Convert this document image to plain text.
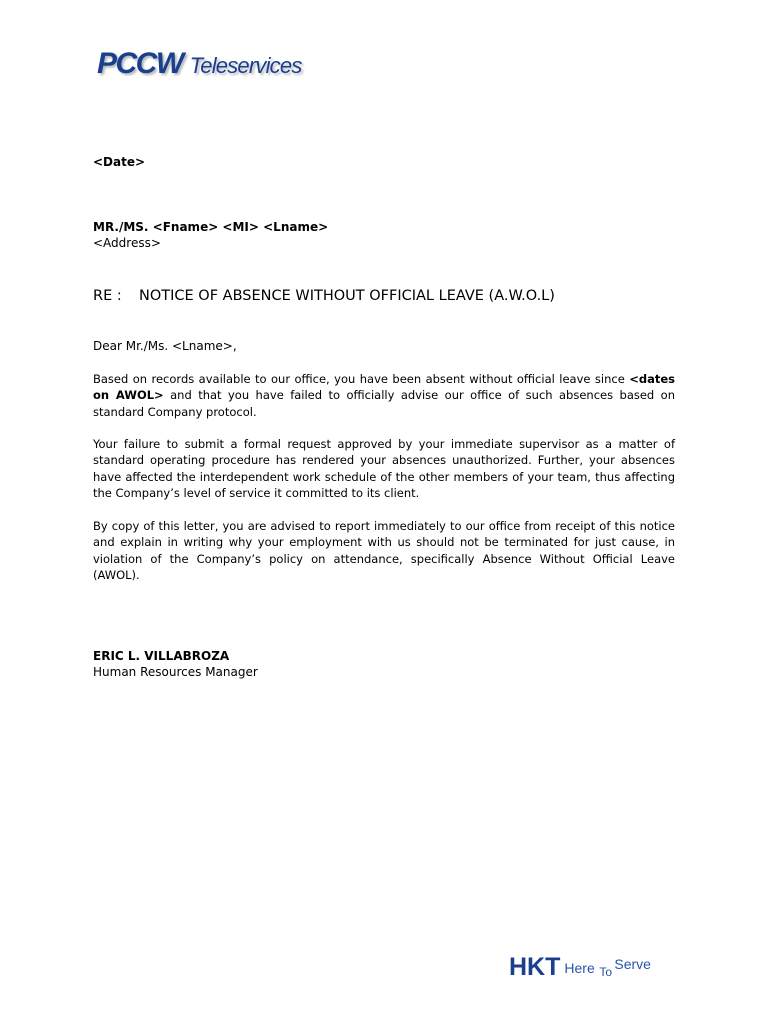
PCCW Teleservices
<Date>
MR./MS. <Fname> <MI> <Lname>
<Address>
RE : NOTICE OF ABSENCE WITHOUT OFFICIAL LEAVE (A.W.O.L)
Dear Mr./Ms. <Lname>,

Based on records available to our office, you have been absent without official leave since <dates on AWOL> and that you have failed to officially advise our office of such absences based on standard Company protocol.

Your failure to submit a formal request approved by your immediate supervisor as a matter of standard operating procedure has rendered your absences unauthorized. Further, your absences have affected the interdependent work schedule of the other members of your team, thus affecting the Company’s level of service it committed to its client.

By copy of this letter, you are advised to report immediately to our office from receipt of this notice and explain in writing why your employment with us should not be terminated for just cause, in violation of the Company’s policy on attendance, specifically Absence Without Official Leave (AWOL).

ERIC L. VILLABROZA
Human Resources Manager
HKT Here To Serve
